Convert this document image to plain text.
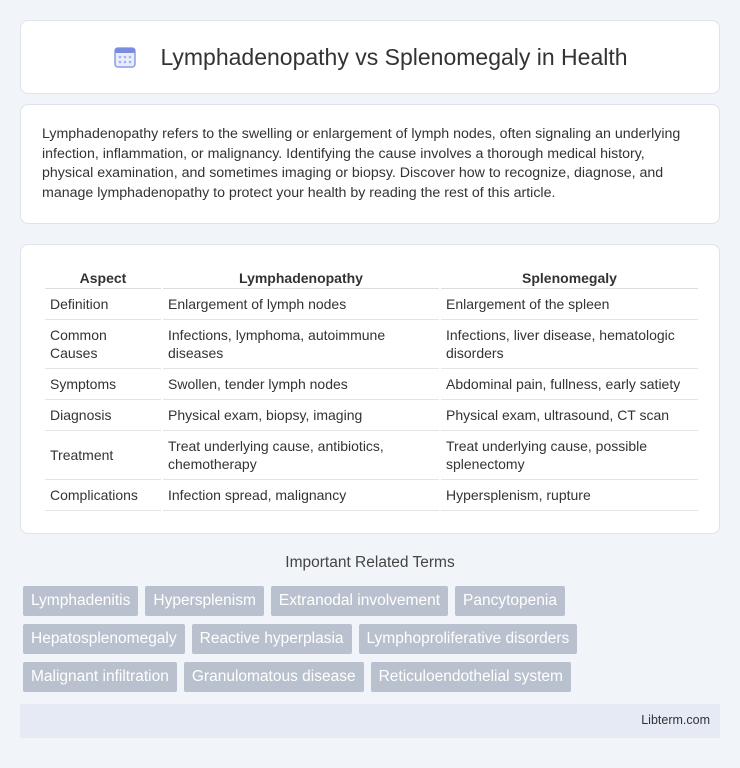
Lymphadenopathy vs Splenomegaly in Health

Lymphadenopathy refers to the swelling or enlargement of lymph nodes, often signaling an underlying infection, inflammation, or malignancy. Identifying the cause involves a thorough medical history, physical examination, and sometimes imaging or biopsy. Discover how to recognize, diagnose, and manage lymphadenopathy to protect your health by reading the rest of this article.

Aspect	Lymphadenopathy	Splenomegaly
Definition	Enlargement of lymph nodes	Enlargement of the spleen
Common Causes	Infections, lymphoma, autoimmune diseases	Infections, liver disease, hematologic disorders
Symptoms	Swollen, tender lymph nodes	Abdominal pain, fullness, early satiety
Diagnosis	Physical exam, biopsy, imaging	Physical exam, ultrasound, CT scan
Treatment	Treat underlying cause, antibiotics, chemotherapy	Treat underlying cause, possible splenectomy
Complications	Infection spread, malignancy	Hypersplenism, rupture
Important Related Terms
Lymphadenitis	Hypersplenism	Extranodal involvement	Pancytopenia
Hepatosplenomegaly	Reactive hyperplasia	Lymphoproliferative disorders
Malignant infiltration	Granulomatous disease	Reticuloendothelial system
Libterm.com
